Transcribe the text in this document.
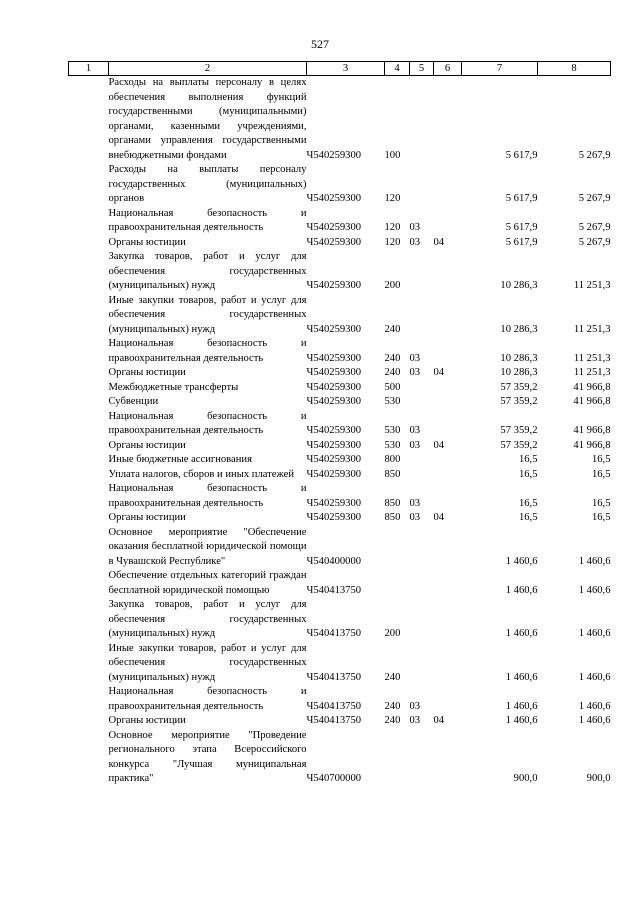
527
1	2	3	4	5	6	7	8
	Расходы на выплаты персоналу в целях обеспечения выполнения функций государственными (муниципальными) органами, казенными учреждениями, органами управления государственными внебюджетными фондами	Ч540259300	100			5 617,9	5 267,9
	Расходы на выплаты персоналу государственных (муниципальных) органов	Ч540259300	120			5 617,9	5 267,9
	Национальная безопасность и правоохранительная деятельность	Ч540259300	120	03		5 617,9	5 267,9
	Органы юстиции	Ч540259300	120	03	04	5 617,9	5 267,9
	Закупка товаров, работ и услуг для обеспечения государственных (муниципальных) нужд	Ч540259300	200			10 286,3	11 251,3
	Иные закупки товаров, работ и услуг для обеспечения государственных (муниципальных) нужд	Ч540259300	240			10 286,3	11 251,3
	Национальная безопасность и правоохранительная деятельность	Ч540259300	240	03		10 286,3	11 251,3
	Органы юстиции	Ч540259300	240	03	04	10 286,3	11 251,3
	Межбюджетные трансферты	Ч540259300	500			57 359,2	41 966,8
	Субвенции	Ч540259300	530			57 359,2	41 966,8
	Национальная безопасность и правоохранительная деятельность	Ч540259300	530	03		57 359,2	41 966,8
	Органы юстиции	Ч540259300	530	03	04	57 359,2	41 966,8
	Иные бюджетные ассигнования	Ч540259300	800			16,5	16,5
	Уплата налогов, сборов и иных платежей	Ч540259300	850			16,5	16,5
	Национальная безопасность и правоохранительная деятельность	Ч540259300	850	03		16,5	16,5
	Органы юстиции	Ч540259300	850	03	04	16,5	16,5
	Основное мероприятие "Обеспечение оказания бесплатной юридической помощи в Чувашской Республике"	Ч540400000				1 460,6	1 460,6
	Обеспечение отдельных категорий граждан бесплатной юридической помощью	Ч540413750				1 460,6	1 460,6
	Закупка товаров, работ и услуг для обеспечения государственных (муниципальных) нужд	Ч540413750	200			1 460,6	1 460,6
	Иные закупки товаров, работ и услуг для обеспечения государственных (муниципальных) нужд	Ч540413750	240			1 460,6	1 460,6
	Национальная безопасность и правоохранительная деятельность	Ч540413750	240	03		1 460,6	1 460,6
	Органы юстиции	Ч540413750	240	03	04	1 460,6	1 460,6
	Основное мероприятие "Проведение регионального этапа Всероссийского конкурса "Лучшая муниципальная практика"	Ч540700000				900,0	900,0
